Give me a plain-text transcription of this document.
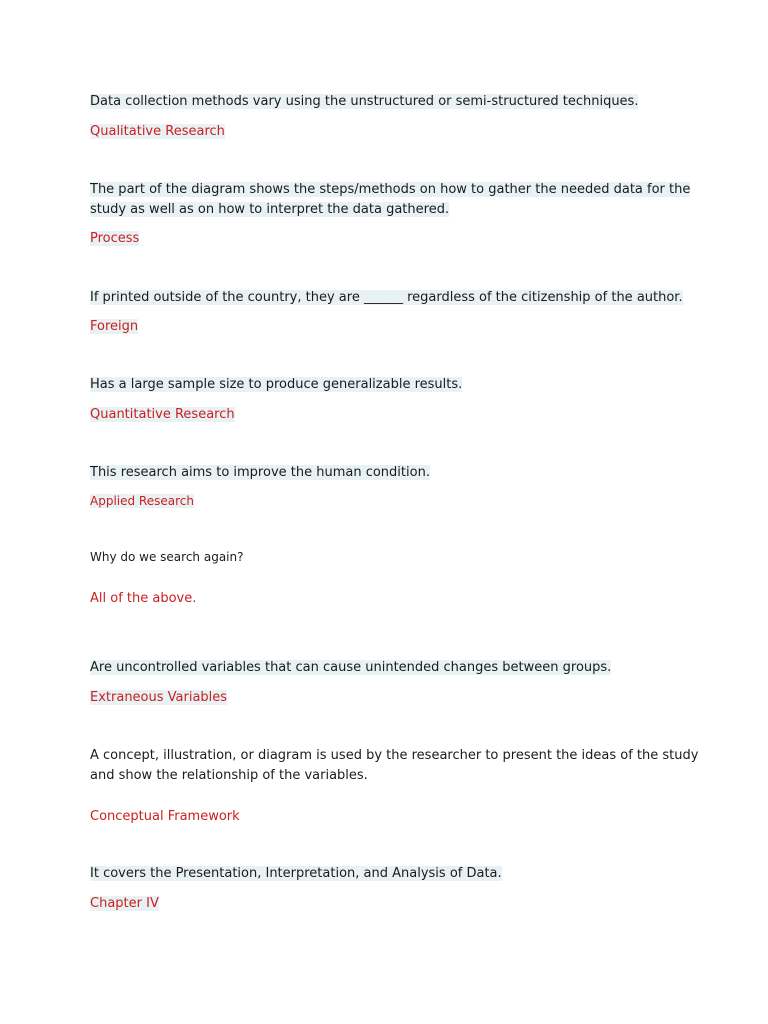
Data collection methods vary using the unstructured or semi-structured techniques.

Qualitative Research

The part of the diagram shows the steps/methods on how to gather the needed data for the

study as well as on how to interpret the data gathered.

Process

If printed outside of the country, they are ______ regardless of the citizenship of the author.

Foreign

Has a large sample size to produce generalizable results.

Quantitative Research

This research aims to improve the human condition.

Applied Research

Why do we search again?

All of the above.

Are uncontrolled variables that can cause unintended changes between groups.

Extraneous Variables

A concept, illustration, or diagram is used by the researcher to present the ideas of the study

and show the relationship of the variables.

Conceptual Framework

It covers the Presentation, Interpretation, and Analysis of Data.

Chapter IV
